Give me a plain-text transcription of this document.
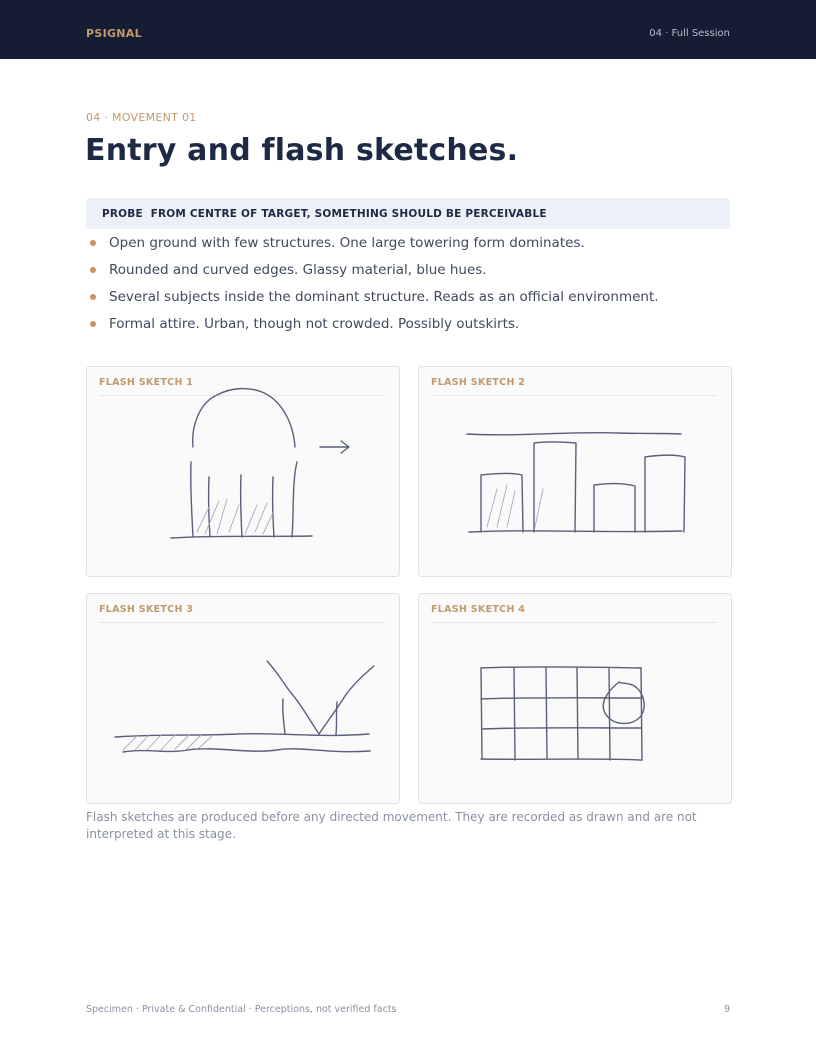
PSIGNAL	04 · Full Session
04 · MOVEMENT 01
Entry and flash sketches.
PROBE  FROM CENTRE OF TARGET, SOMETHING SHOULD BE PERCEIVABLE
Open ground with few structures. One large towering form dominates.
Rounded and curved edges. Glassy material, blue hues.
Several subjects inside the dominant structure. Reads as an official environment.
Formal attire. Urban, though not crowded. Possibly outskirts.
FLASH SKETCH 1	FLASH SKETCH 2
FLASH SKETCH 3	FLASH SKETCH 4
Flash sketches are produced before any directed movement. They are recorded as drawn and are not interpreted at this stage.
Specimen · Private & Confidential · Perceptions, not verified facts	9
